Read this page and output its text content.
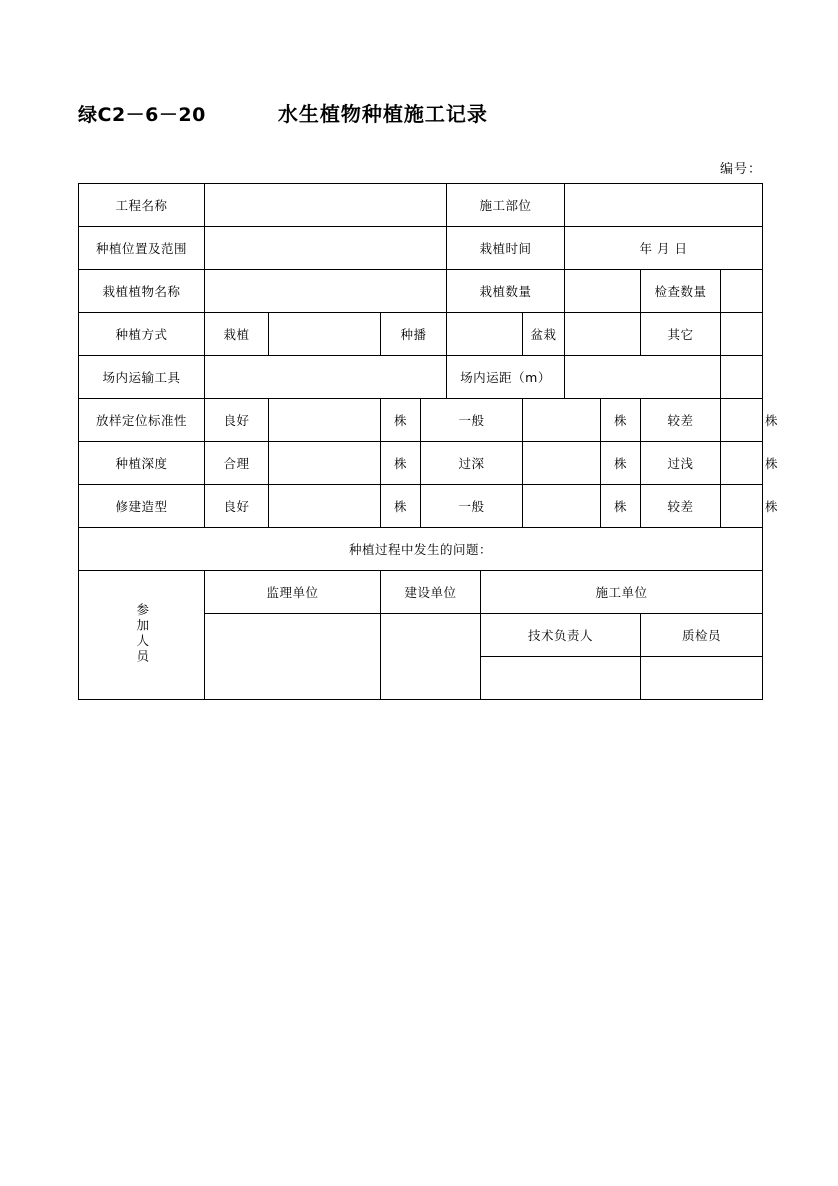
绿C2－6－20	水生植物种植施工记录
编号：
工程名称					施工部位							
种植位置及范围					栽植时间			年 月 日				
栽植植物名称					栽植数量					检查数量		
种植方式	栽植		种播				盆栽			其它		
场内运输工具					场内运距（m）							
放样定位标准性	良好		株	一般					株	较差		株
种植深度	合理		株	过深					株	过浅		株
修建造型	良好		株	一般					株	较差		株
种植过程中发生的问题：												
参加人员	监理单位		建设单位			施工单位						
						技术负责人				质检员		
